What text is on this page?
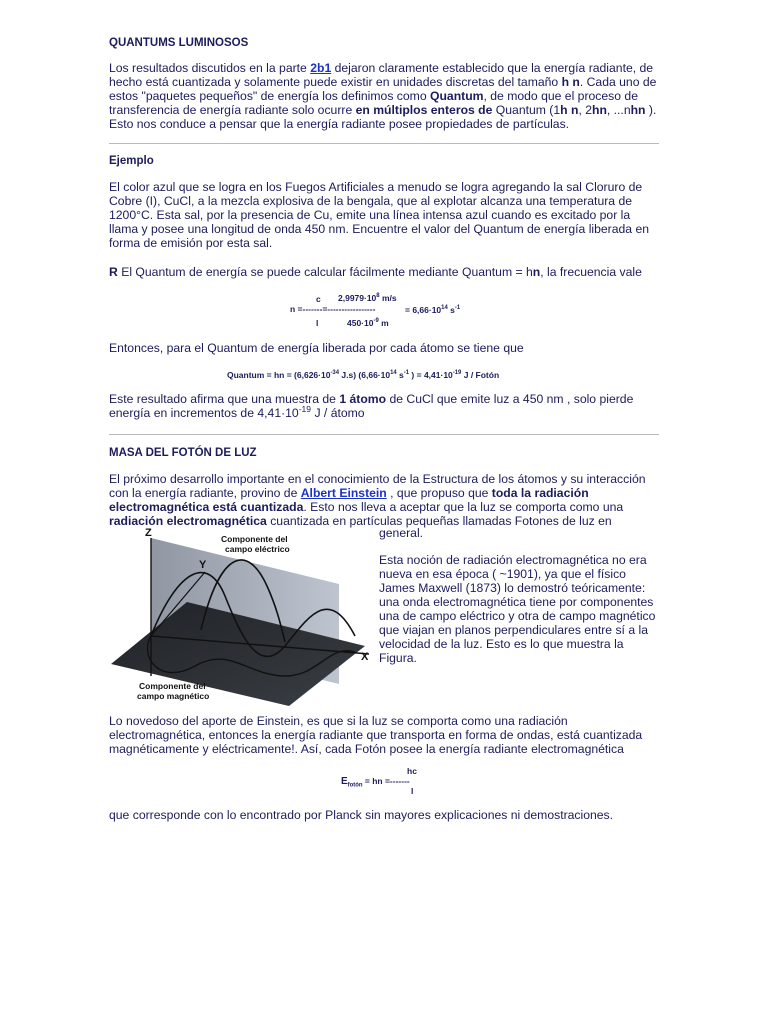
QUANTUMS LUMINOSOS

Los resultados discutidos en la parte 2b1 dejaron claramente establecido que la energía radiante, de hecho está cuantizada y solamente puede existir en unidades discretas del tamaño h n. Cada uno de estos "paquetes pequeños" de energía los definimos como Quantum, de modo que el proceso de transferencia de energía radiante solo ocurre en múltiplos enteros de Quantum (1h n, 2hn, ...nhn ). Esto nos conduce a pensar que la energía radiante posee propiedades de partículas.

Ejemplo

El color azul que se logra en los Fuegos Artificiales a menudo se logra agregando la sal Cloruro de Cobre (I), CuCl, a la mezcla explosiva de la bengala, que al explotar alcanza una temperatura de 1200°C. Esta sal, por la presencia de Cu, emite una línea intensa azul cuando es excitado por la llama y posee una longitud de onda 450 nm. Encuentre el valor del Quantum de energía liberada en forma de emisión por esta sal.

R El Quantum de energía se puede calcular fácilmente mediante Quantum = hn, la frecuencia vale

c $2,9979\cdot 10^8$ m/s
n =-------=-----------------	= $6,66\cdot 10^{14}$ $s^{-1}$
l	$450\cdot 10^{-9}$ m

Entonces, para el Quantum de energía liberada por cada átomo se tiene que

Quantum = hn = ($6,626\cdot 10^{-34}$ J.s) ($6,66\cdot 10^{14}$ $s^{-1}$ ) = $4,41\cdot 10^{-19}$ J / Fotón

Este resultado afirma que una muestra de 1 átomo de CuCl que emite luz a 450 nm , solo pierde energía en incrementos de $4,41\cdot 10^{-19}$ J / átomo

MASA DEL FOTÓN DE LUZ

El próximo desarrollo importante en el conocimiento de la Estructura de los átomos y su interacción con la energía radiante, provino de Albert Einstein , que propuso que toda la radiación electromagnética está cuantizada. Esto nos lleva a aceptar que la luz se comporta como una radiación electromagnética cuantizada en partículas pequeñas llamadas Fotones de luz en

general.

Z
Y
X
Componente del
campo eléctrico
Componente del
campo magnético

Esta noción de radiación electromagnética no era nueva en esa época ( ~1901), ya que el físico James Maxwell (1873) lo demostró teóricamente: una onda electromagnética tiene por componentes una de campo eléctrico y otra de campo magnético que viajan en planos perpendiculares entre sí a la velocidad de la luz. Esto es lo que muestra la Figura.

Lo novedoso del aporte de Einstein, es que si la luz se comporta como una radiación electromagnética, entonces la energía radiante que transporta en forma de ondas, está cuantizada magnéticamente y eléctricamente!. Así, cada Fotón posee la energía radiante electromagnética

hc
$E_{fotón}$ = hn =-------
l

que corresponde con lo encontrado por Planck sin mayores explicaciones ni demostraciones.
